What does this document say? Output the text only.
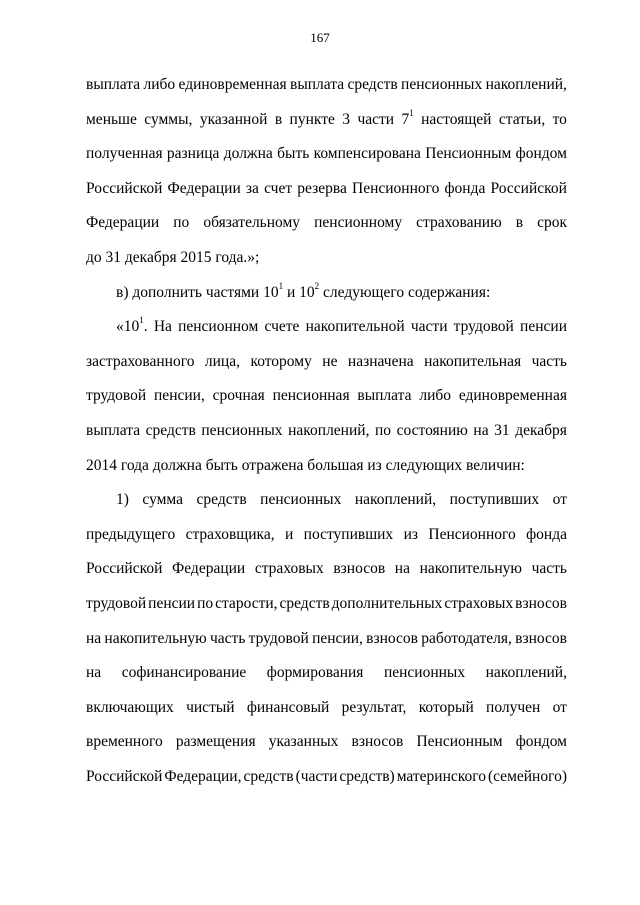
167
выплата либо единовременная выплата средств пенсионных накоплений,
меньше суммы, указанной в пункте 3 части $7^1$ настоящей статьи, то
полученная разница должна быть компенсирована Пенсионным фондом
Российской Федерации за счет резерва Пенсионного фонда Российской
Федерации по обязательному пенсионному страхованию в срок
до 31 декабря 2015 года.»;
в) дополнить частями $10^1$ и $10^2$ следующего содержания:
«$10^1$. На пенсионном счете накопительной части трудовой пенсии
застрахованного лица, которому не назначена накопительная часть
трудовой пенсии, срочная пенсионная выплата либо единовременная
выплата средств пенсионных накоплений, по состоянию на 31 декабря
2014 года должна быть отражена большая из следующих величин:
1) сумма средств пенсионных накоплений, поступивших от
предыдущего страховщика, и поступивших из Пенсионного фонда
Российской Федерации страховых взносов на накопительную часть
трудовой пенсии по старости, средств дополнительных страховых взносов
на накопительную часть трудовой пенсии, взносов работодателя, взносов
на софинансирование формирования пенсионных накоплений,
включающих чистый финансовый результат, который получен от
временного размещения указанных взносов Пенсионным фондом
Российской Федерации, средств (части средств) материнского (семейного)
